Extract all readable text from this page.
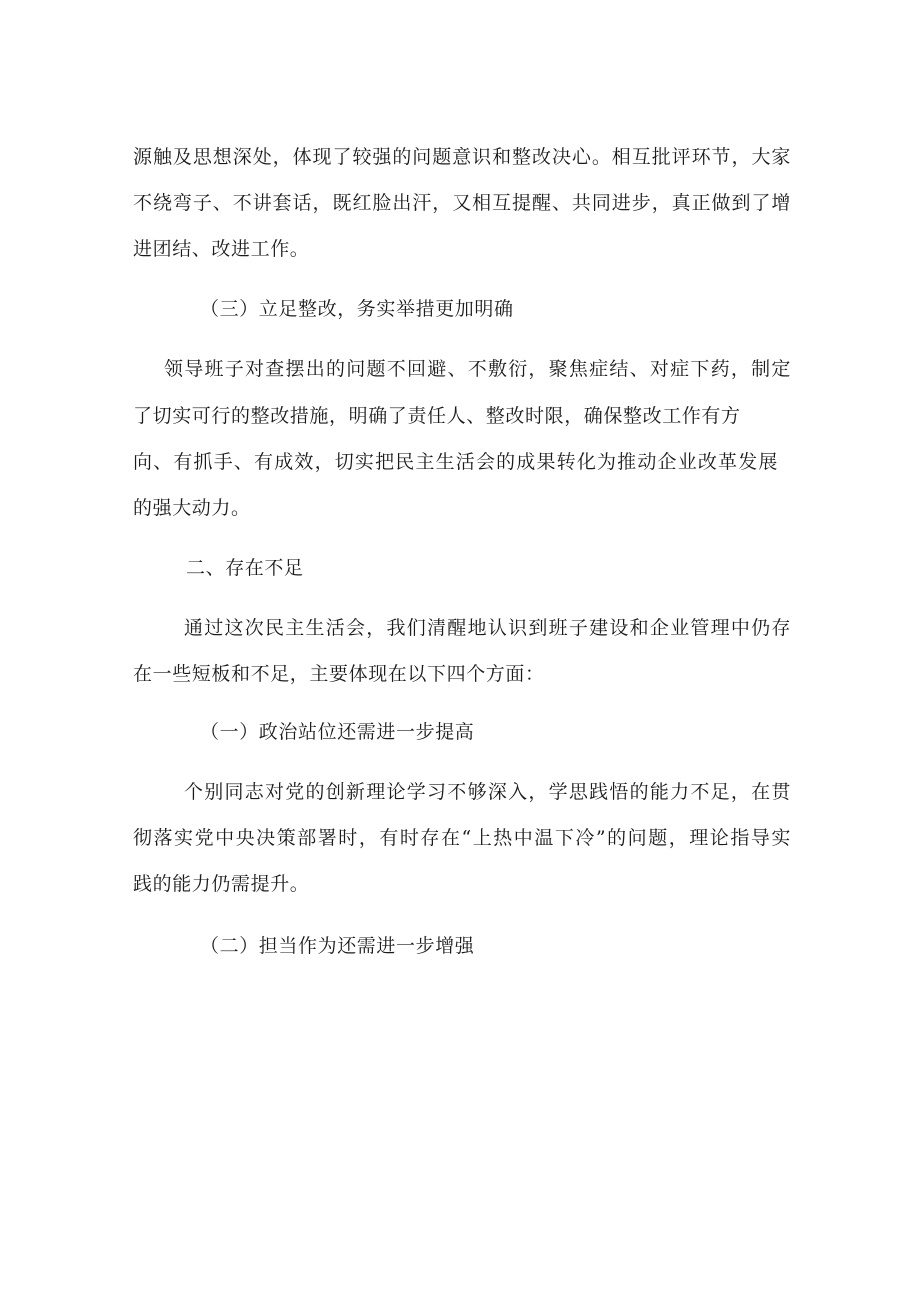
源触及思想深处，体现了较强的问题意识和整改决心。相互批评环节，大家
不绕弯子、不讲套话，既红脸出汗，又相互提醒、共同进步，真正做到了增
进团结、改进工作。
（三）立足整改，务实举措更加明确
领导班子对查摆出的问题不回避、不敷衍，聚焦症结、对症下药，制定
了切实可行的整改措施，明确了责任人、整改时限，确保整改工作有方
向、有抓手、有成效，切实把民主生活会的成果转化为推动企业改革发展
的强大动力。
二、存在不足
通过这次民主生活会，我们清醒地认识到班子建设和企业管理中仍存
在一些短板和不足，主要体现在以下四个方面：
（一）政治站位还需进一步提高
个别同志对党的创新理论学习不够深入，学思践悟的能力不足，在贯
彻落实党中央决策部署时，有时存在“上热中温下冷”的问题，理论指导实
践的能力仍需提升。
（二）担当作为还需进一步增强
